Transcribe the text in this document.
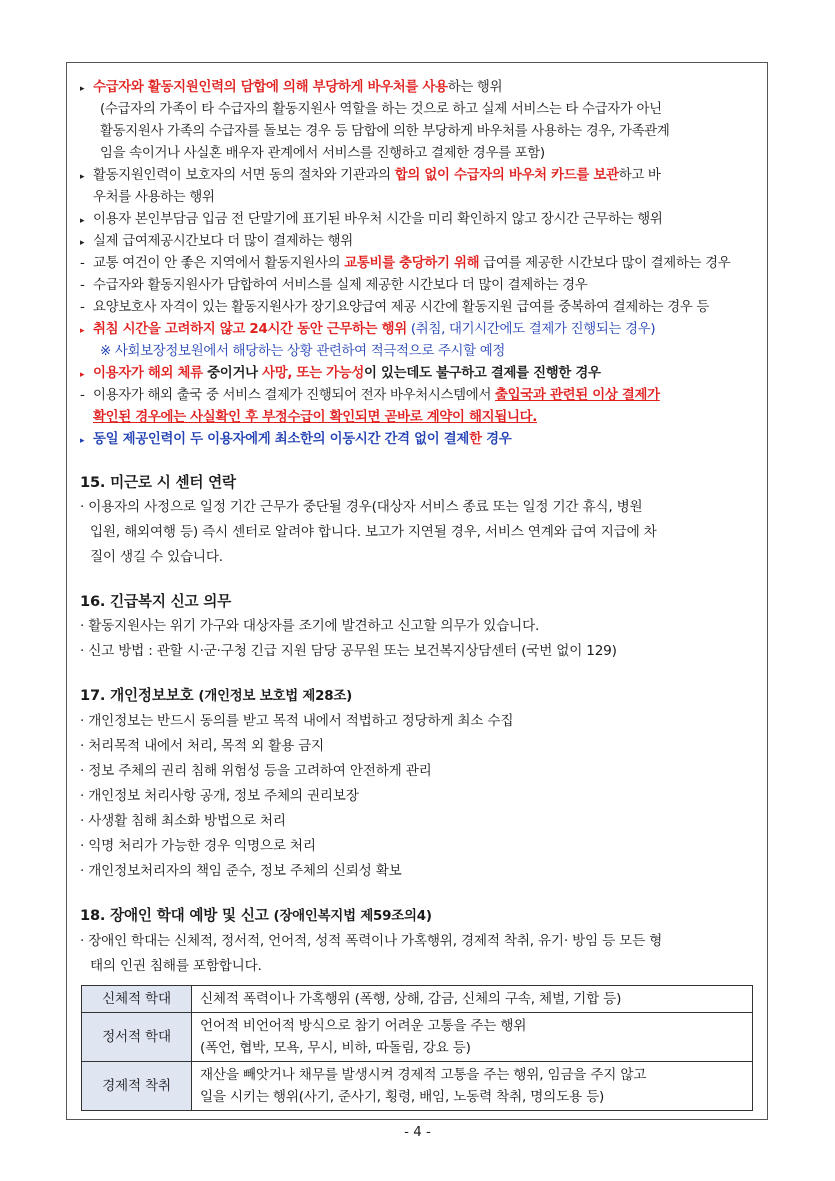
▸ 수급자와 활동지원인력의 담합에 의해 부당하게 바우처를 사용하는 행위
(수급자의 가족이 타 수급자의 활동지원사 역할을 하는 것으로 하고 실제 서비스는 타 수급자가 아닌
활동지원사 가족의 수급자를 돌보는 경우 등 담합에 의한 부당하게 바우처를 사용하는 경우, 가족관계
임을 속이거나 사실혼 배우자 관계에서 서비스를 진행하고 결제한 경우를 포함)
▸ 활동지원인력이 보호자의 서면 동의 절차와 기관과의 합의 없이 수급자의 바우처 카드를 보관하고 바
우처를 사용하는 행위
▸ 이용자 본인부담금 입금 전 단말기에 표기된 바우처 시간을 미리 확인하지 않고 장시간 근무하는 행위
▸ 실제 급여제공시간보다 더 많이 결제하는 행위
- 교통 여건이 안 좋은 지역에서 활동지원사의 교통비를 충당하기 위해 급여를 제공한 시간보다 많이 결제하는 경우
- 수급자와 활동지원사가 담합하여 서비스를 실제 제공한 시간보다 더 많이 결제하는 경우
- 요양보호사 자격이 있는 활동지원사가 장기요양급여 제공 시간에 활동지원 급여를 중복하여 결제하는 경우 등
▸ 취침 시간을 고려하지 않고 24시간 동안 근무하는 행위 (취침, 대기시간에도 결제가 진행되는 경우)
※ 사회보장정보원에서 해당하는 상황 관련하여 적극적으로 주시할 예정
▸ 이용자가 해외 체류 중이거나 사망, 또는 가능성이 있는데도 불구하고 결제를 진행한 경우
- 이용자가 해외 출국 중 서비스 결제가 진행되어 전자 바우처시스템에서 출입국과 관련된 이상 결제가
확인된 경우에는 사실확인 후 부정수급이 확인되면 곧바로 계약이 해지됩니다.
▸ 동일 제공인력이 두 이용자에게 최소한의 이동시간 간격 없이 결제한 경우
15. 미근로 시 센터 연락
· 이용자의 사정으로 일정 기간 근무가 중단될 경우(대상자 서비스 종료 또는 일정 기간 휴식, 병원
입원, 해외여행 등) 즉시 센터로 알려야 합니다. 보고가 지연될 경우, 서비스 연계와 급여 지급에 차
질이 생길 수 있습니다.
16. 긴급복지 신고 의무
· 활동지원사는 위기 가구와 대상자를 조기에 발견하고 신고할 의무가 있습니다.
· 신고 방법 : 관할 시·군·구청 긴급 지원 담당 공무원 또는 보건복지상담센터 (국번 없이 129)
17. 개인정보보호 (개인정보 보호법 제28조)
· 개인정보는 반드시 동의를 받고 목적 내에서 적법하고 정당하게 최소 수집
· 처리목적 내에서 처리, 목적 외 활용 금지
· 정보 주체의 권리 침해 위험성 등을 고려하여 안전하게 관리
· 개인정보 처리사항 공개, 정보 주체의 권리보장
· 사생활 침해 최소화 방법으로 처리
· 익명 처리가 가능한 경우 익명으로 처리
· 개인정보처리자의 책임 준수, 정보 주체의 신뢰성 확보
18. 장애인 학대 예방 및 신고 (장애인복지법 제59조의4)
· 장애인 학대는 신체적, 정서적, 언어적, 성적 폭력이나 가혹행위, 경제적 착취, 유기· 방임 등 모든 형
태의 인권 침해를 포함합니다.
신체적 학대	신체적 폭력이나 가혹행위 (폭행, 상해, 감금, 신체의 구속, 체벌, 기합 등)

정서적 학대	언어적 비언어적 방식으로 참기 어려운 고통을 주는 행위
(폭언, 협박, 모욕, 무시, 비하, 따돌림, 강요 등)

경제적 착취	재산을 빼앗거나 채무를 발생시켜 경제적 고통을 주는 행위, 임금을 주지 않고
일을 시키는 행위(사기, 준사기, 횡령, 배임, 노동력 착취, 명의도용 등)
- 4 -
